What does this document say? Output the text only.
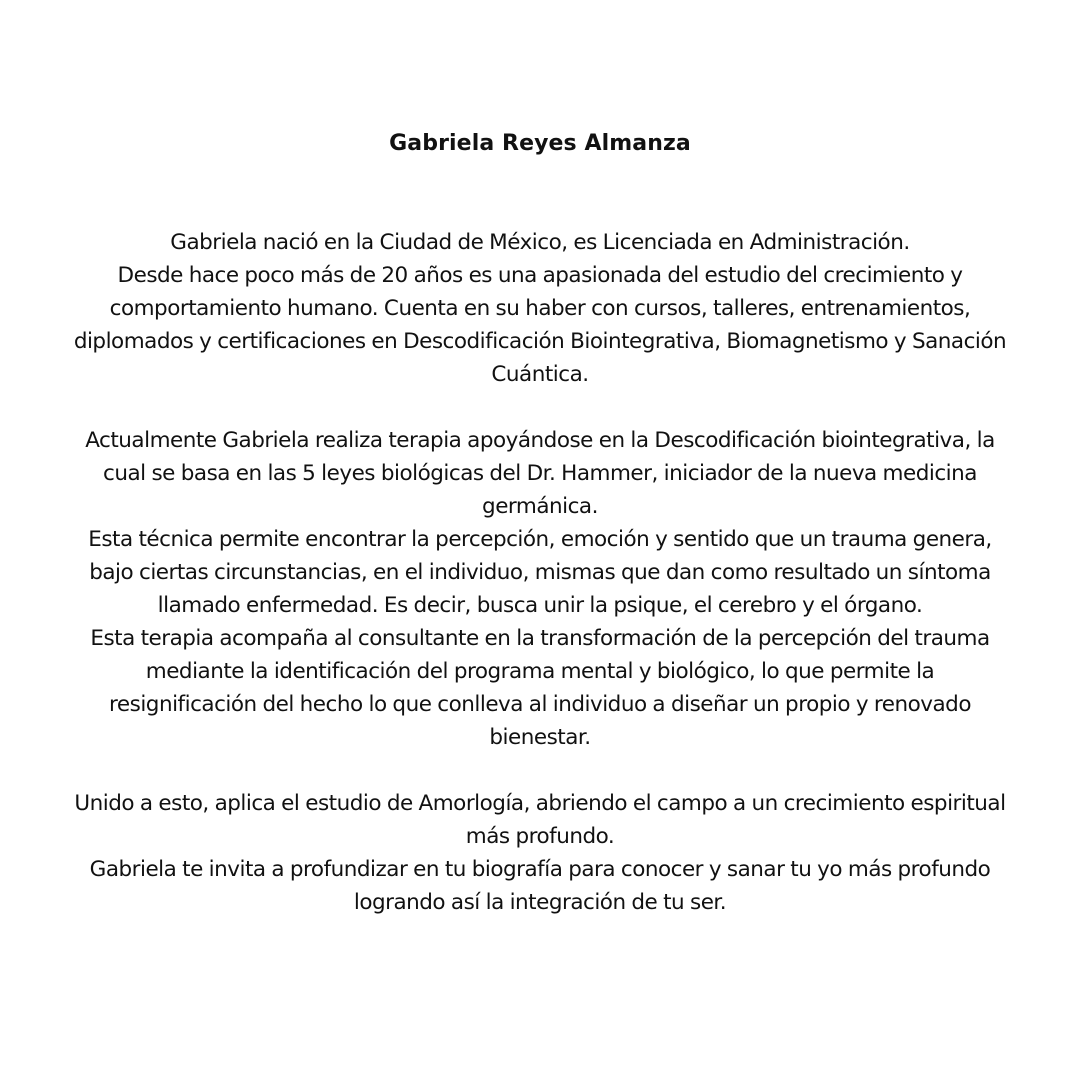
Gabriela Reyes Almanza
Gabriela nació en la Ciudad de México, es Licenciada en Administración.
Desde hace poco más de 20 años es una apasionada del estudio del crecimiento y
comportamiento humano. Cuenta en su haber con cursos, talleres, entrenamientos,
diplomados y certificaciones en Descodificación Biointegrativa, Biomagnetismo y Sanación
Cuántica.
Actualmente Gabriela realiza terapia apoyándose en la Descodificación biointegrativa, la
cual se basa en las 5 leyes biológicas del Dr. Hammer, iniciador de la nueva medicina
germánica.
Esta técnica permite encontrar la percepción, emoción y sentido que un trauma genera,
bajo ciertas circunstancias, en el individuo, mismas que dan como resultado un síntoma
llamado enfermedad. Es decir, busca unir la psique, el cerebro y el órgano.
Esta terapia acompaña al consultante en la transformación de la percepción del trauma
mediante la identificación del programa mental y biológico, lo que permite la
resignificación del hecho lo que conlleva al individuo a diseñar un propio y renovado
bienestar.
Unido a esto, aplica el estudio de Amorlogía, abriendo el campo a un crecimiento espiritual
más profundo.
Gabriela te invita a profundizar en tu biografía para conocer y sanar tu yo más profundo
logrando así la integración de tu ser.
